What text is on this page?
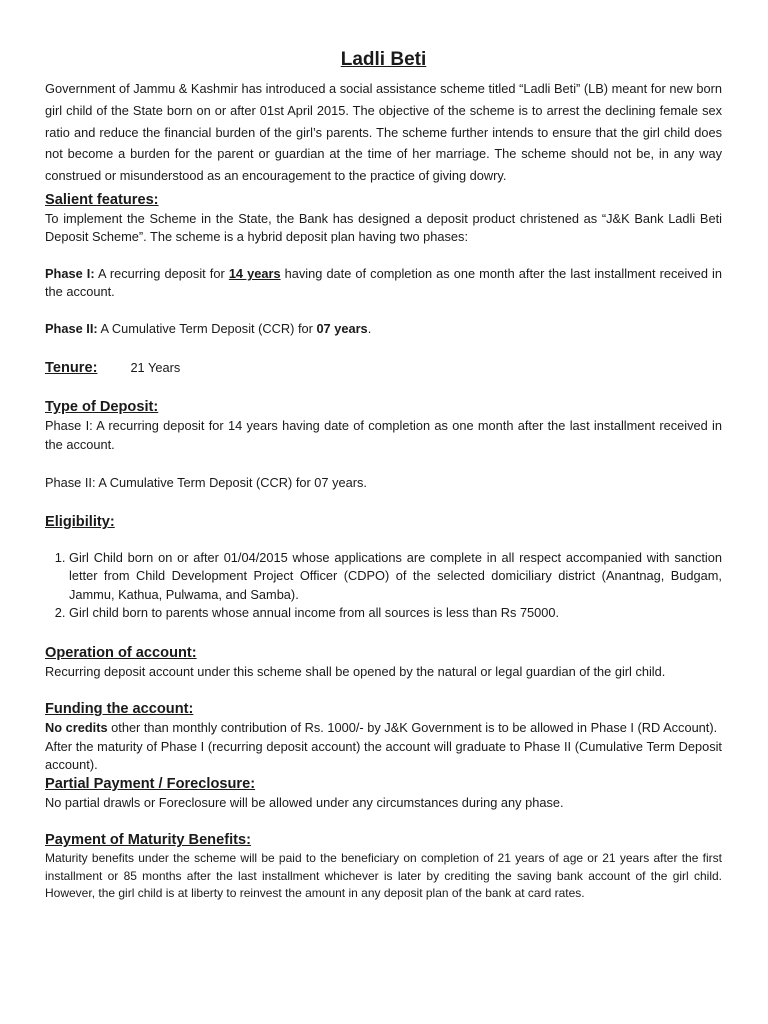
Ladli Beti

Government of Jammu & Kashmir has introduced a social assistance scheme titled “Ladli Beti” (LB) meant for new born girl child of the State born on or after 01st April 2015. The objective of the scheme is to arrest the declining female sex ratio and reduce the financial burden of the girl’s parents. The scheme further intends to ensure that the girl child does not become a burden for the parent or guardian at the time of her marriage. The scheme should not be, in any way construed or misunderstood as an encouragement to the practice of giving dowry.

Salient features:

To implement the Scheme in the State, the Bank has designed a deposit product christened as “J&K Bank Ladli Beti Deposit Scheme”. The scheme is a hybrid deposit plan having two phases:

Phase I: A recurring deposit for 14 years having date of completion as one month after the last installment received in the account.

Phase II: A Cumulative Term Deposit (CCR) for 07 years.

Tenure:	21 Years
Type of Deposit:

Phase I: A recurring deposit for 14 years having date of completion as one month after the last installment received in the account.

Phase II: A Cumulative Term Deposit (CCR) for 07 years.

Eligibility:
1. Girl Child born on or after 01/04/2015 whose applications are complete in all respect accompanied with sanction letter from Child Development Project Officer (CDPO) of the selected domiciliary district (Anantnag, Budgam, Jammu, Kathua, Pulwama, and Samba).
2. Girl child born to parents whose annual income from all sources is less than Rs 75000.
Operation of account:

Recurring deposit account under this scheme shall be opened by the natural or legal guardian of the girl child.

Funding the account:

No credits other than monthly contribution of Rs. 1000/- by J&K Government is to be allowed in Phase I (RD Account).

After the maturity of Phase I (recurring deposit account) the account will graduate to Phase II (Cumulative Term Deposit account).

Partial Payment / Foreclosure:

No partial drawls or Foreclosure will be allowed under any circumstances during any phase.

Payment of Maturity Benefits:

Maturity benefits under the scheme will be paid to the beneficiary on completion of 21 years of age or 21 years after the first installment or 85 months after the last installment whichever is later by crediting the saving bank account of the girl child. However, the girl child is at liberty to reinvest the amount in any deposit plan of the bank at card rates.
